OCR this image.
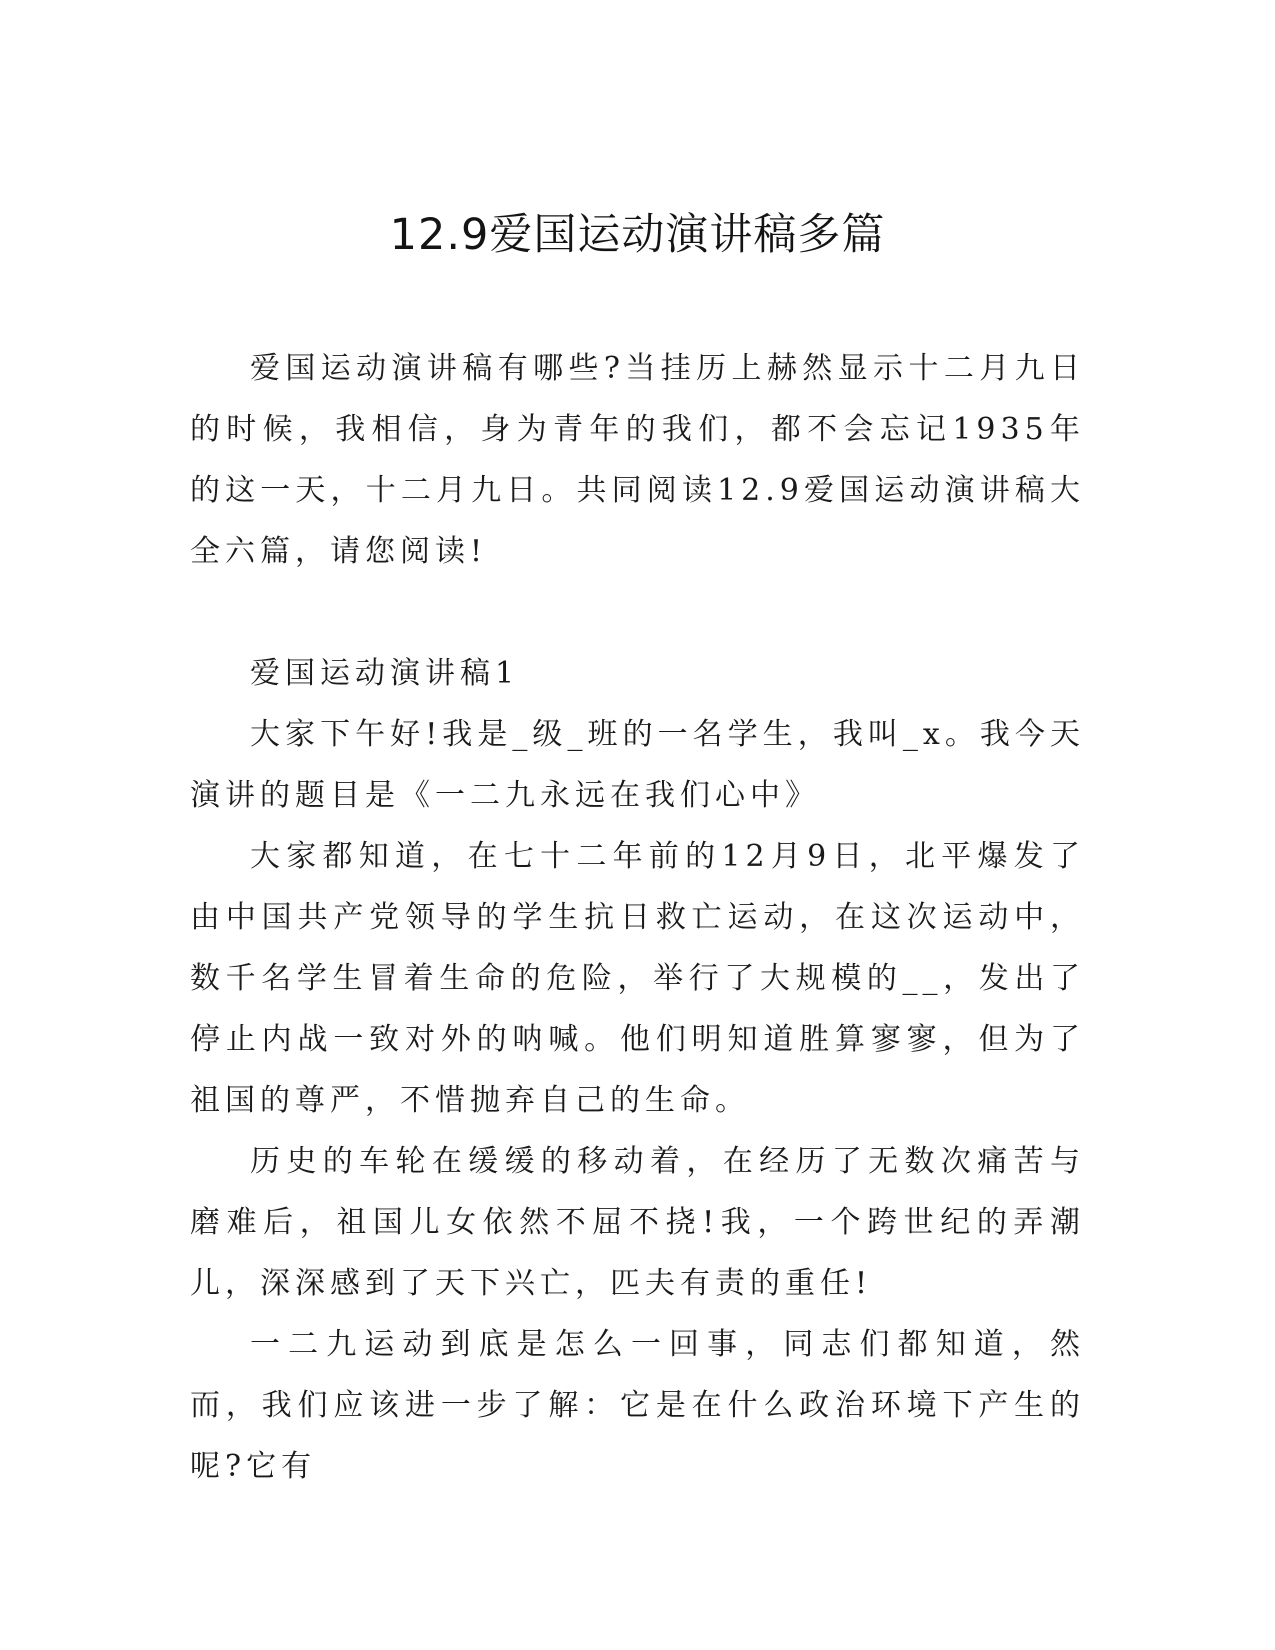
12.9爱国运动演讲稿多篇

爱国运动演讲稿有哪些?当挂历上赫然显示十二月九日的时候，我相信，身为青年的我们，都不会忘记1935年的这一天，十二月九日。共同阅读12.9爱国运动演讲稿大全六篇，请您阅读!

爱国运动演讲稿1

大家下午好!我是_级_班的一名学生，我叫_x。我今天演讲的题目是《一二九永远在我们心中》

大家都知道，在七十二年前的12月9日，北平爆发了由中国共产党领导的学生抗日救亡运动，在这次运动中，数千名学生冒着生命的危险，举行了大规模的__，发出了停止内战一致对外的呐喊。他们明知道胜算寥寥，但为了祖国的尊严，不惜抛弃自己的生命。

历史的车轮在缓缓的移动着，在经历了无数次痛苦与磨难后，祖国儿女依然不屈不挠!我，一个跨世纪的弄潮儿，深深感到了天下兴亡，匹夫有责的重任!

一二九运动到底是怎么一回事，同志们都知道，然而，我们应该进一步了解：它是在什么政治环境下产生的呢?它有
